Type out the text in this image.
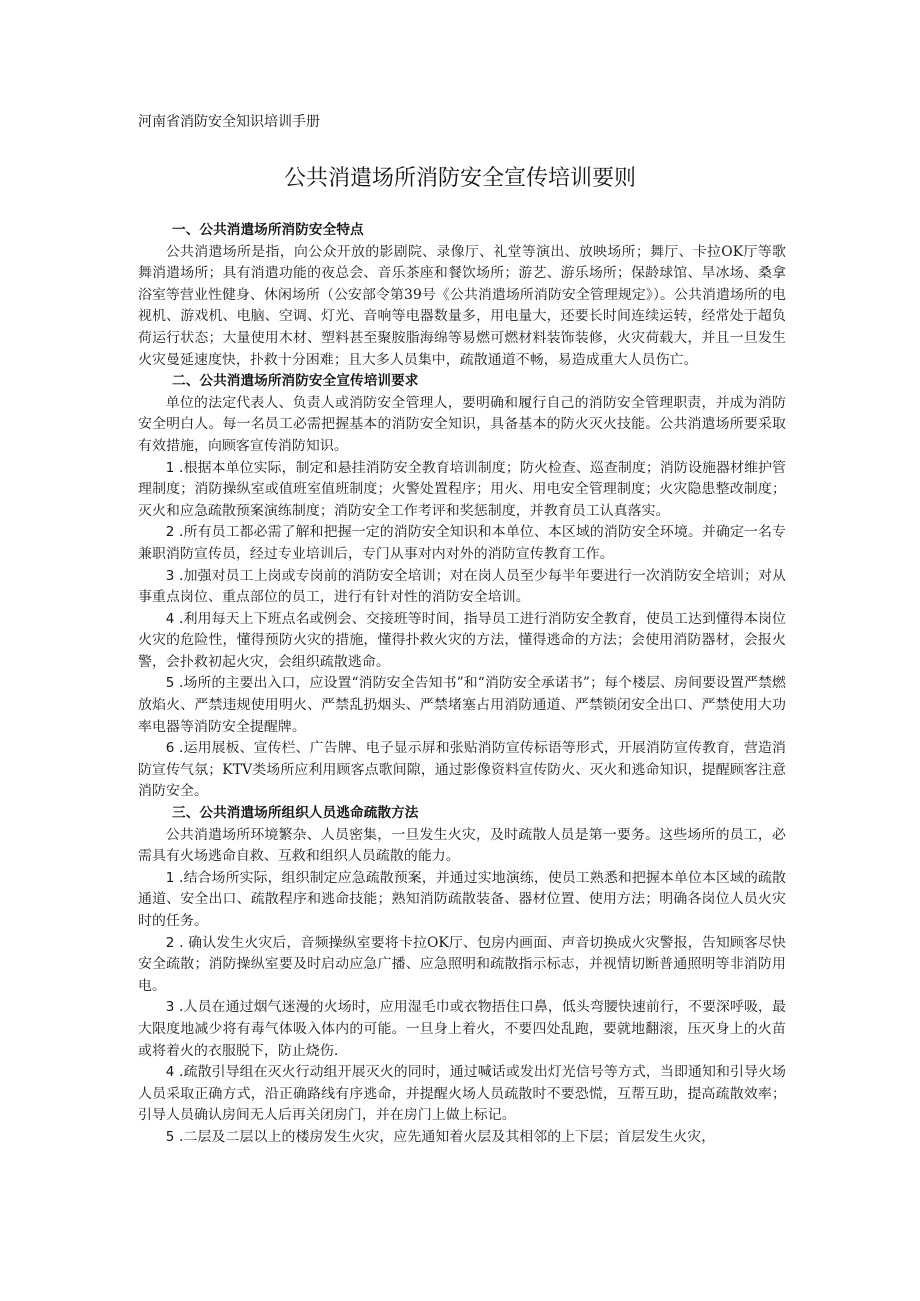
河南省消防安全知识培训手册
公共消遣场所消防安全宣传培训要则
一、公共消遣场所消防安全特点

公共消遣场所是指，向公众开放的影剧院、录像厅、礼堂等演出、放映场所；舞厅、卡拉OK厅等歌舞消遣场所；具有消遣功能的夜总会、音乐茶座和餐饮场所；游艺、游乐场所；保龄球馆、旱冰场、桑拿浴室等营业性健身、休闲场所（公安部令第39号《公共消遣场所消防安全管理规定》）。公共消遣场所的电视机、游戏机、电脑、空调、灯光、音响等电器数量多，用电量大，还要长时间连续运转，经常处于超负荷运行状态；大量使用木材、塑料甚至聚胺脂海绵等易燃可燃材料装饰装修，火灾荷载大，并且一旦发生火灾曼延速度快，扑救十分困难；且大多人员集中，疏散通道不畅，易造成重大人员伤亡。

二、公共消遣场所消防安全宣传培训要求

单位的法定代表人、负责人或消防安全管理人，要明确和履行自己的消防安全管理职责，并成为消防安全明白人。每一名员工必需把握基本的消防安全知识，具备基本的防火灭火技能。公共消遣场所要采取有效措施，向顾客宣传消防知识。

1 .根据本单位实际，制定和悬挂消防安全教育培训制度；防火检查、巡查制度；消防设施器材维护管理制度；消防操纵室或值班室值班制度；火警处置程序；用火、用电安全管理制度；火灾隐患整改制度；灭火和应急疏散预案演练制度；消防安全工作考评和奖惩制度，并教育员工认真落实。

2 .所有员工都必需了解和把握一定的消防安全知识和本单位、本区域的消防安全环境。并确定一名专兼职消防宣传员，经过专业培训后，专门从事对内对外的消防宣传教育工作。

3 .加强对员工上岗或专岗前的消防安全培训；对在岗人员至少每半年要进行一次消防安全培训；对从事重点岗位、重点部位的员工，进行有针对性的消防安全培训。

4 .利用每天上下班点名或例会、交接班等时间，指导员工进行消防安全教育，使员工达到懂得本岗位火灾的危险性，懂得预防火灾的措施，懂得扑救火灾的方法，懂得逃命的方法；会使用消防器材，会报火警，会扑救初起火灾，会组织疏散逃命。

5 .场所的主要出入口，应设置“消防安全告知书”和“消防安全承诺书”；每个楼层、房间要设置严禁燃放焰火、严禁违规使用明火、严禁乱扔烟头、严禁堵塞占用消防通道、严禁锁闭安全出口、严禁使用大功率电器等消防安全提醒牌。

6 .运用展板、宣传栏、广告牌、电子显示屏和张贴消防宣传标语等形式，开展消防宣传教育，营造消防宣传气氛；KTV类场所应利用顾客点歌间隙，通过影像资料宣传防火、灭火和逃命知识，提醒顾客注意消防安全。

三、公共消遣场所组织人员逃命疏散方法

公共消遣场所环境繁杂、人员密集，一旦发生火灾，及时疏散人员是第一要务。这些场所的员工，必需具有火场逃命自救、互救和组织人员疏散的能力。

1 .结合场所实际，组织制定应急疏散预案，并通过实地演练，使员工熟悉和把握本单位本区域的疏散通道、安全出口、疏散程序和逃命技能；熟知消防疏散装备、器材位置、使用方法；明确各岗位人员火灾时的任务。

2 . 确认发生火灾后，音频操纵室要将卡拉OK厅、包房内画面、声音切换成火灾警报，告知顾客尽快安全疏散；消防操纵室要及时启动应急广播、应急照明和疏散指示标志，并视情切断普通照明等非消防用电。

3 .人员在通过烟气迷漫的火场时，应用湿毛巾或衣物捂住口鼻，低头弯腰快速前行，不要深呼吸，最大限度地减少将有毒气体吸入体内的可能。一旦身上着火，不要四处乱跑，要就地翻滚，压灭身上的火苗或将着火的衣服脱下，防止烧伤.

4 .疏散引导组在灭火行动组开展灭火的同时，通过喊话或发出灯光信号等方式，当即通知和引导火场人员采取正确方式，沿正确路线有序逃命，并提醒火场人员疏散时不要恐慌，互帮互助，提高疏散效率；引导人员确认房间无人后再关闭房门，并在房门上做上标记。

5 .二层及二层以上的楼房发生火灾，应先通知着火层及其相邻的上下层；首层发生火灾，
